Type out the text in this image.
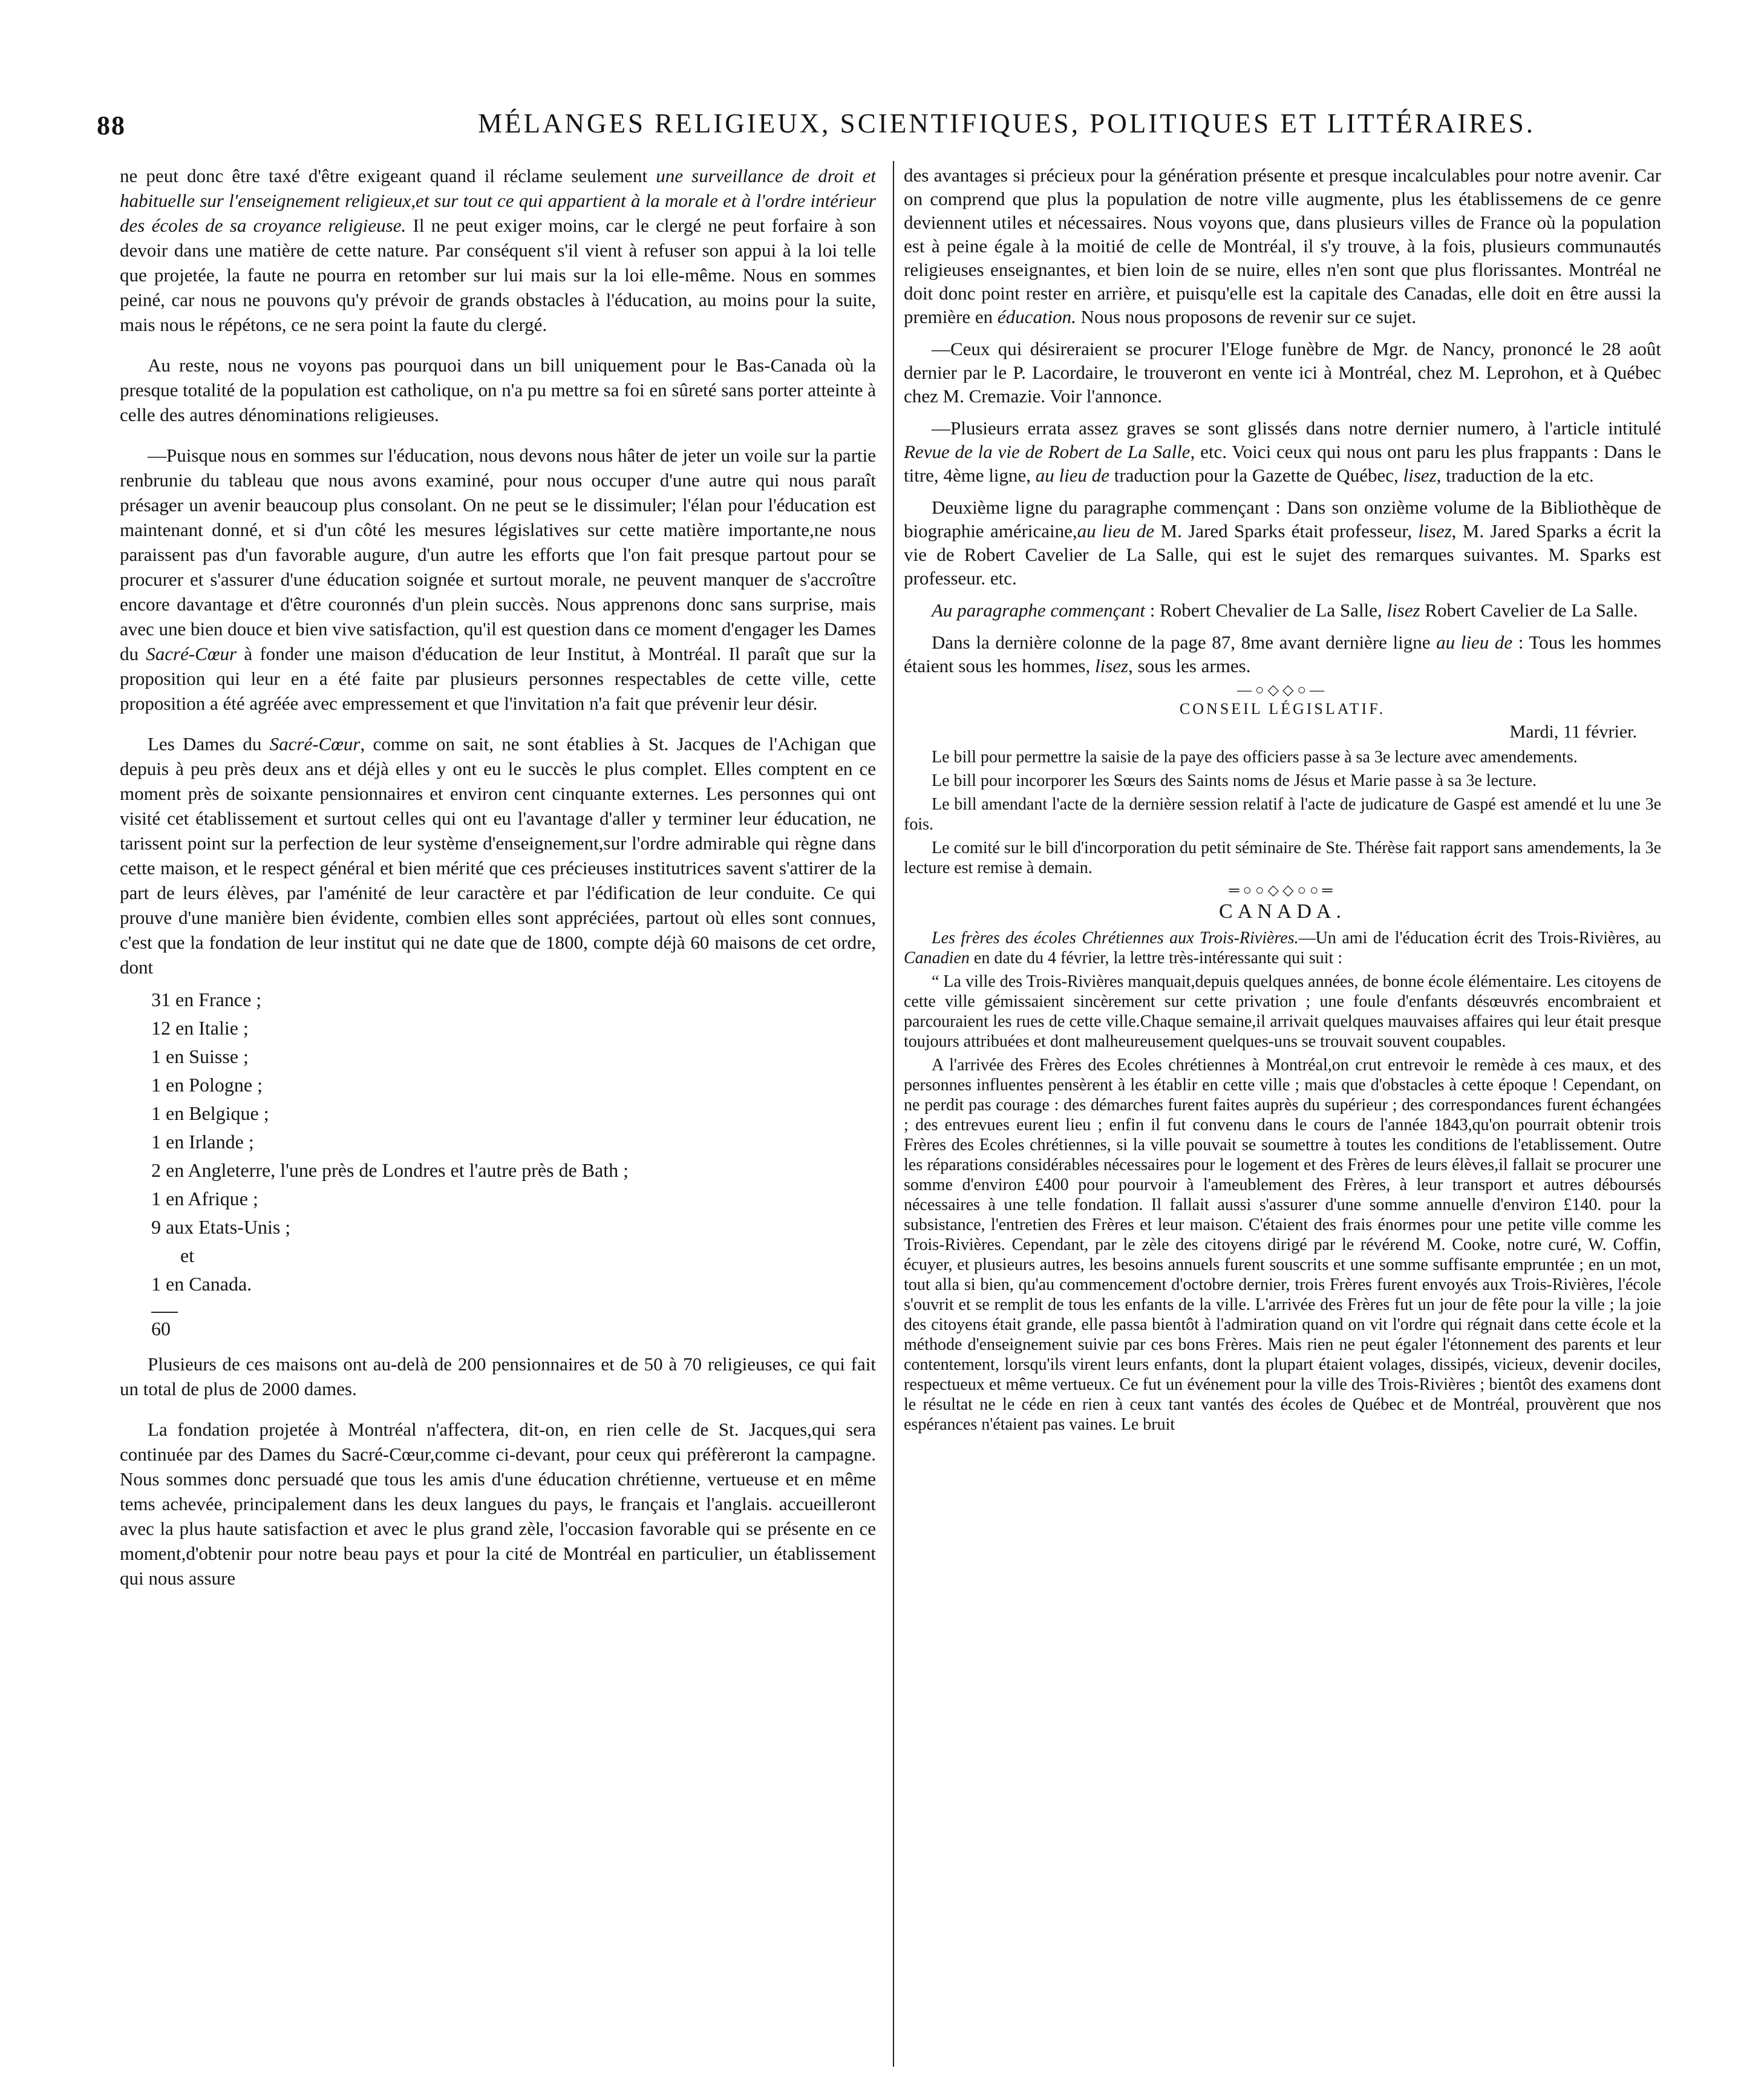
88	MÉLANGES RELIGIEUX, SCIENTIFIQUES, POLITIQUES ET LITTÉRAIRES.

ne peut donc être taxé d'être exigeant quand il réclame seulement une surveillance de droit et habituelle sur l'enseignement religieux,et sur tout ce qui appartient à la morale et à l'ordre intérieur des écoles de sa croyance religieuse. Il ne peut exiger moins, car le clergé ne peut forfaire à son devoir dans une matière de cette nature. Par conséquent s'il vient à refuser son appui à la loi telle que projetée, la faute ne pourra en retomber sur lui mais sur la loi elle-même. Nous en sommes peiné, car nous ne pouvons qu'y prévoir de grands obstacles à l'éducation, au moins pour la suite, mais nous le répétons, ce ne sera point la faute du clergé.

Au reste, nous ne voyons pas pourquoi dans un bill uniquement pour le Bas-Canada où la presque totalité de la population est catholique, on n'a pu mettre sa foi en sûreté sans porter atteinte à celle des autres dénominations religieuses.

—Puisque nous en sommes sur l'éducation, nous devons nous hâter de jeter un voile sur la partie renbrunie du tableau que nous avons examiné, pour nous occuper d'une autre qui nous paraît présager un avenir beaucoup plus consolant. On ne peut se le dissimuler; l'élan pour l'éducation est maintenant donné, et si d'un côté les mesures législatives sur cette matière importante,ne nous paraissent pas d'un favorable augure, d'un autre les efforts que l'on fait presque partout pour se procurer et s'assurer d'une éducation soignée et surtout morale, ne peuvent manquer de s'accroître encore davantage et d'être couronnés d'un plein succès. Nous apprenons donc sans surprise, mais avec une bien douce et bien vive satisfaction, qu'il est question dans ce moment d'engager les Dames du Sacré-Cœur à fonder une maison d'éducation de leur Institut, à Montréal. Il paraît que sur la proposition qui leur en a été faite par plusieurs personnes respectables de cette ville, cette proposition a été agréée avec empressement et que l'invitation n'a fait que prévenir leur désir.

Les Dames du Sacré-Cœur, comme on sait, ne sont établies à St. Jacques de l'Achigan que depuis à peu près deux ans et déjà elles y ont eu le succès le plus complet. Elles comptent en ce moment près de soixante pensionnaires et environ cent cinquante externes. Les personnes qui ont visité cet établissement et surtout celles qui ont eu l'avantage d'aller y terminer leur éducation, ne tarissent point sur la perfection de leur système d'enseignement,sur l'ordre admirable qui règne dans cette maison, et le respect général et bien mérité que ces précieuses institutrices savent s'attirer de la part de leurs élèves, par l'aménité de leur caractère et par l'édification de leur conduite. Ce qui prouve d'une manière bien évidente, combien elles sont appréciées, partout où elles sont connues, c'est que la fondation de leur institut qui ne date que de 1800, compte déjà 60 maisons de cet ordre, dont

31 en France ;
12 en Italie ;
1 en Suisse ;
1 en Pologne ;
1 en Belgique ;
1 en Irlande ;
2 en Angleterre, l'une près de Londres et l'autre près de Bath ;
1 en Afrique ;
9 aux Etats-Unis ;
et
1 en Canada.
60

Plusieurs de ces maisons ont au-delà de 200 pensionnaires et de 50 à 70 religieuses, ce qui fait un total de plus de 2000 dames.

La fondation projetée à Montréal n'affectera, dit-on, en rien celle de St. Jacques,qui sera continuée par des Dames du Sacré-Cœur,comme ci-devant, pour ceux qui préfèreront la campagne. Nous sommes donc persuadé que tous les amis d'une éducation chrétienne, vertueuse et en même tems achevée, principalement dans les deux langues du pays, le français et l'anglais. accueilleront avec la plus haute satisfaction et avec le plus grand zèle, l'occasion favorable qui se présente en ce moment,d'obtenir pour notre beau pays et pour la cité de Montréal en particulier, un établissement qui nous assure

des avantages si précieux pour la génération présente et presque incalculables pour notre avenir. Car on comprend que plus la population de notre ville augmente, plus les établissemens de ce genre deviennent utiles et nécessaires. Nous voyons que, dans plusieurs villes de France où la population est à peine égale à la moitié de celle de Montréal, il s'y trouve, à la fois, plusieurs communautés religieuses enseignantes, et bien loin de se nuire, elles n'en sont que plus florissantes. Montréal ne doit donc point rester en arrière, et puisqu'elle est la capitale des Canadas, elle doit en être aussi la première en éducation. Nous nous proposons de revenir sur ce sujet.

—Ceux qui désireraient se procurer l'Eloge funèbre de Mgr. de Nancy, prononcé le 28 août dernier par le P. Lacordaire, le trouveront en vente ici à Montréal, chez M. Leprohon, et à Québec chez M. Cremazie. Voir l'annonce.

—Plusieurs errata assez graves se sont glissés dans notre dernier numero, à l'article intitulé Revue de la vie de Robert de La Salle, etc. Voici ceux qui nous ont paru les plus frappants : Dans le titre, 4ème ligne, au lieu de traduction pour la Gazette de Québec, lisez, traduction de la etc.

Deuxième ligne du paragraphe commençant : Dans son onzième volume de la Bibliothèque de biographie américaine,au lieu de M. Jared Sparks était professeur, lisez, M. Jared Sparks a écrit la vie de Robert Cavelier de La Salle, qui est le sujet des remarques suivantes. M. Sparks est professeur. etc.

Au paragraphe commençant : Robert Chevalier de La Salle, lisez Robert Cavelier de La Salle.

Dans la dernière colonne de la page 87, 8me avant dernière ligne au lieu de : Tous les hommes étaient sous les hommes, lisez, sous les armes.

—○◇◇○—
CONSEIL LÉGISLATIF.
Mardi, 11 février.

Le bill pour permettre la saisie de la paye des officiers passe à sa 3e lecture avec amendements.

Le bill pour incorporer les Sœurs des Saints noms de Jésus et Marie passe à sa 3e lecture.

Le bill amendant l'acte de la dernière session relatif à l'acte de judicature de Gaspé est amendé et lu une 3e fois.

Le comité sur le bill d'incorporation du petit séminaire de Ste. Thérèse fait rapport sans amendements, la 3e lecture est remise à demain.

═○○◇◇○○═
CANADA.

Les frères des écoles Chrétiennes aux Trois-Rivières.—Un ami de l'éducation écrit des Trois-Rivières, au Canadien en date du 4 février, la lettre très-intéressante qui suit :

“ La ville des Trois-Rivières manquait,depuis quelques années, de bonne école élémentaire. Les citoyens de cette ville gémissaient sincèrement sur cette privation ; une foule d'enfants désœuvrés encombraient et parcouraient les rues de cette ville.Chaque semaine,il arrivait quelques mauvaises affaires qui leur était presque toujours attribuées et dont malheureusement quelques-uns se trouvait souvent coupables.

A l'arrivée des Frères des Ecoles chrétiennes à Montréal,on crut entrevoir le remède à ces maux, et des personnes influentes pensèrent à les établir en cette ville ; mais que d'obstacles à cette époque ! Cependant, on ne perdit pas courage : des démarches furent faites auprès du supérieur ; des correspondances furent échangées ; des entrevues eurent lieu ; enfin il fut convenu dans le cours de l'année 1843,qu'on pourrait obtenir trois Frères des Ecoles chrétiennes, si la ville pouvait se soumettre à toutes les conditions de l'etablissement. Outre les réparations considérables nécessaires pour le logement et des Frères de leurs élèves,il fallait se procurer une somme d'environ £400 pour pourvoir à l'ameublement des Frères, à leur transport et autres déboursés nécessaires à une telle fondation. Il fallait aussi s'assurer d'une somme annuelle d'environ £140. pour la subsistance, l'entretien des Frères et leur maison. C'étaient des frais énormes pour une petite ville comme les Trois-Rivières. Cependant, par le zèle des citoyens dirigé par le révérend M. Cooke, notre curé, W. Coffin, écuyer, et plusieurs autres, les besoins annuels furent souscrits et une somme suffisante empruntée ; en un mot, tout alla si bien, qu'au commencement d'octobre dernier, trois Frères furent envoyés aux Trois-Rivières, l'école s'ouvrit et se remplit de tous les enfants de la ville. L'arrivée des Frères fut un jour de fête pour la ville ; la joie des citoyens était grande, elle passa bientôt à l'admiration quand on vit l'ordre qui régnait dans cette école et la méthode d'enseignement suivie par ces bons Frères. Mais rien ne peut égaler l'étonnement des parents et leur contentement, lorsqu'ils virent leurs enfants, dont la plupart étaient volages, dissipés, vicieux, devenir dociles, respectueux et même vertueux. Ce fut un événement pour la ville des Trois-Rivières ; bientôt des examens dont le résultat ne le céde en rien à ceux tant vantés des écoles de Québec et de Montréal, prouvèrent que nos espérances n'étaient pas vaines. Le bruit
